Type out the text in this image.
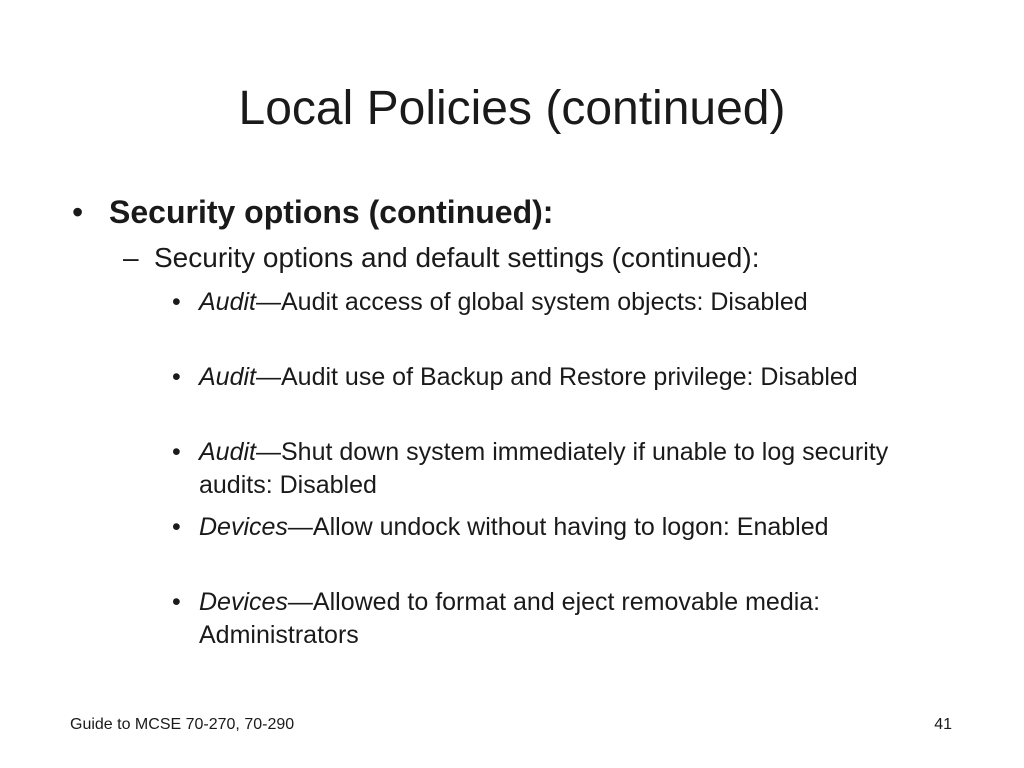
Local Policies (continued)
• Security options (continued):
– Security options and default settings (continued):
• Audit—Audit access of global system objects: Disabled
• Audit—Audit use of Backup and Restore privilege: Disabled
• Audit—Shut down system immediately if unable to log security audits: Disabled
• Devices—Allow undock without having to logon: Enabled
• Devices—Allowed to format and eject removable media: Administrators
Guide to MCSE 70-270, 70-290	41
